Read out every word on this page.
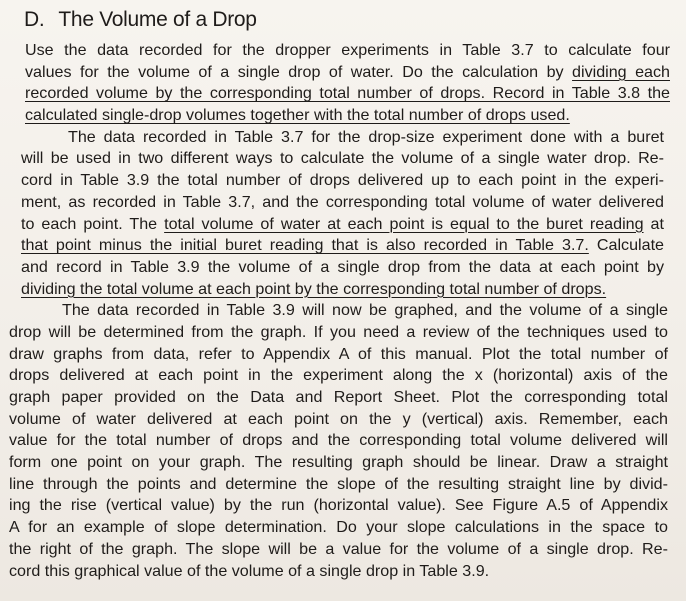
D. The Volume of a Drop
Use the data recorded for the dropper experiments in Table 3.7 to calculate four
values for the volume of a single drop of water. Do the calculation by dividing each
recorded volume by the corresponding total number of drops. Record in Table 3.8 the
calculated single-drop volumes together with the total number of drops used.
The data recorded in Table 3.7 for the drop-size experiment done with a buret
will be used in two different ways to calculate the volume of a single water drop. Re-
cord in Table 3.9 the total number of drops delivered up to each point in the experi-
ment, as recorded in Table 3.7, and the corresponding total volume of water delivered
to each point. The total volume of water at each point is equal to the buret reading at
that point minus the initial buret reading that is also recorded in Table 3.7. Calculate
and record in Table 3.9 the volume of a single drop from the data at each point by
dividing the total volume at each point by the corresponding total number of drops.
The data recorded in Table 3.9 will now be graphed, and the volume of a single
drop will be determined from the graph. If you need a review of the techniques used to
draw graphs from data, refer to Appendix A of this manual. Plot the total number of
drops delivered at each point in the experiment along the x (horizontal) axis of the
graph paper provided on the Data and Report Sheet. Plot the corresponding total
volume of water delivered at each point on the y (vertical) axis. Remember, each
value for the total number of drops and the corresponding total volume delivered will
form one point on your graph. The resulting graph should be linear. Draw a straight
line through the points and determine the slope of the resulting straight line by divid-
ing the rise (vertical value) by the run (horizontal value). See Figure A.5 of Appendix
A for an example of slope determination. Do your slope calculations in the space to
the right of the graph. The slope will be a value for the volume of a single drop. Re-
cord this graphical value of the volume of a single drop in Table 3.9.
